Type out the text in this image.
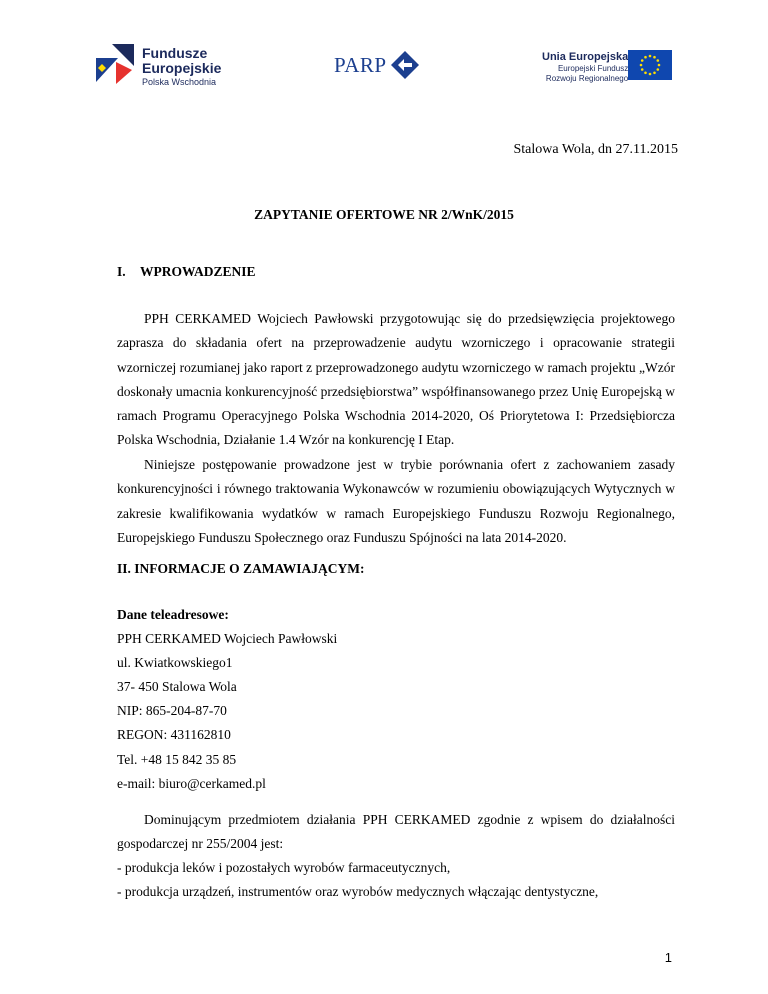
Fundusze
Europejskie
Polska Wschodnia
PARP	Unia Europejska
Europejski Fundusz
Rozwoju Regionalnego
Stalowa Wola, dn 27.11.2015
ZAPYTANIE OFERTOWE NR 2/WnK/2015
I. WPROWADZENIE

PPH CERKAMED Wojciech Pawłowski przygotowując się do przedsięwzięcia projektowego zaprasza do składania ofert na przeprowadzenie audytu wzorniczego i opracowanie strategii wzorniczej rozumianej jako raport z przeprowadzonego audytu wzorniczego w ramach projektu „Wzór doskonały umacnia konkurencyjność przedsiębiorstwa” współfinansowanego przez Unię Europejską w ramach Programu Operacyjnego Polska Wschodnia 2014-2020, Oś Priorytetowa I: Przedsiębiorcza Polska Wschodnia, Działanie 1.4 Wzór na konkurencję I Etap.

Niniejsze postępowanie prowadzone jest w trybie porównania ofert z zachowaniem zasady konkurencyjności i równego traktowania Wykonawców w rozumieniu obowiązujących Wytycznych w zakresie kwalifikowania wydatków w ramach Europejskiego Funduszu Rozwoju Regionalnego, Europejskiego Funduszu Społecznego oraz Funduszu Spójności na lata 2014-2020.

II. INFORMACJE O ZAMAWIAJĄCYM:
Dane teleadresowe:
PPH CERKAMED Wojciech Pawłowski
ul. Kwiatkowskiego1
37- 450 Stalowa Wola
NIP: 865-204-87-70
REGON: 431162810
Tel. +48 15 842 35 85
e-mail: biuro@cerkamed.pl

Dominującym przedmiotem działania PPH CERKAMED zgodnie z wpisem do działalności gospodarczej nr 255/2004 jest:

- produkcja leków i pozostałych wyrobów farmaceutycznych,
- produkcja urządzeń, instrumentów oraz wyrobów medycznych włączając dentystyczne,
1
